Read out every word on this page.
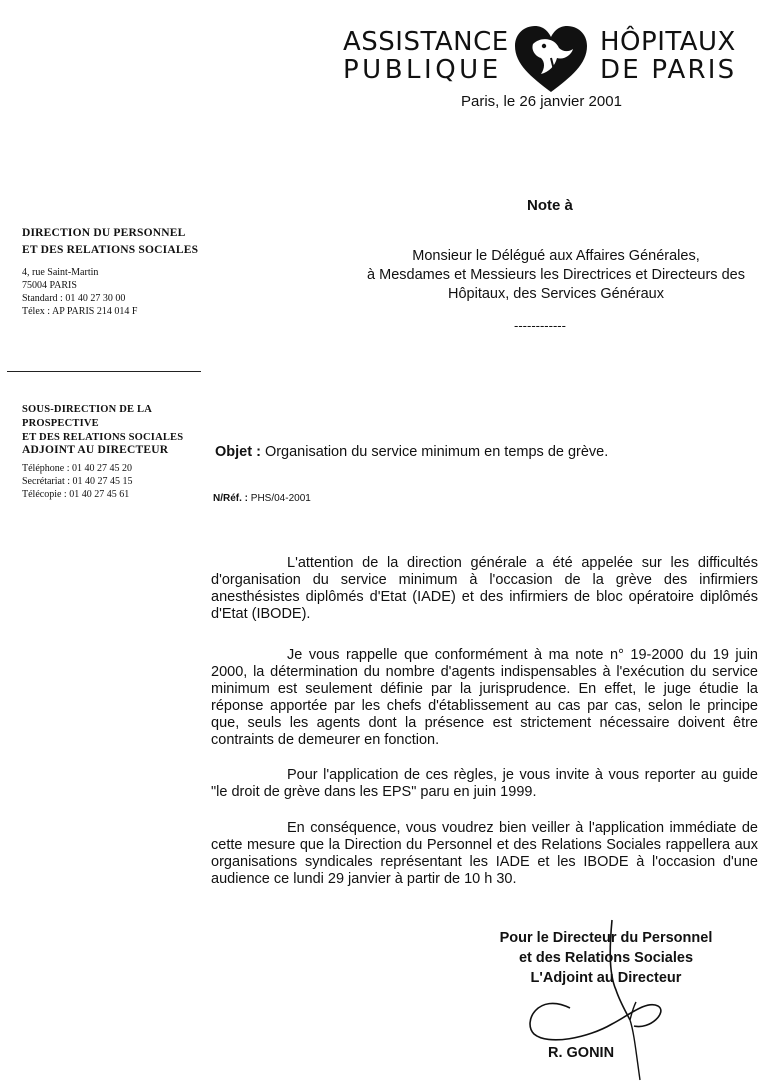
ASSISTANCE
PUBLIQUE
HÔPITAUX
DE PARIS
Paris, le 26 janvier 2001
Note à
Monsieur le Délégué aux Affaires Générales,
à Mesdames et Messieurs les Directrices et Directeurs des
Hôpitaux, des Services Généraux
------------
DIRECTION DU PERSONNEL
ET DES RELATIONS SOCIALES
4, rue Saint-Martin
75004 PARIS
Standard : 01 40 27 30 00
Télex : AP PARIS 214 014 F
SOUS-DIRECTION DE LA PROSPECTIVE
ET DES RELATIONS SOCIALES
ADJOINT AU DIRECTEUR
Téléphone : 01 40 27 45 20
Secrétariat : 01 40 27 45 15
Télécopie : 01 40 27 45 61
Objet : Organisation du service minimum en temps de grève.
N/Réf. : PHS/04-2001

L'attention de la direction générale a été appelée sur les difficultés d'organisation du service minimum à l'occasion de la grève des infirmiers anesthésistes diplômés d'Etat (IADE) et des infirmiers de bloc opératoire diplômés d'Etat (IBODE).

Je vous rappelle que conformément à ma note n° 19-2000 du 19 juin 2000, la détermination du nombre d'agents indispensables à l'exécution du service minimum est seulement définie par la jurisprudence. En effet, le juge étudie la réponse apportée par les chefs d'établissement au cas par cas, selon le principe que, seuls les agents dont la présence est strictement nécessaire doivent être contraints de demeurer en fonction.

Pour l'application de ces règles, je vous invite à vous reporter au guide "le droit de grève dans les EPS" paru en juin 1999.

En conséquence, vous voudrez bien veiller à l'application immédiate de cette mesure que la Direction du Personnel et des Relations Sociales rappellera aux organisations syndicales représentant les IADE et les IBODE à l'occasion d'une audience ce lundi 29 janvier à partir de 10 h 30.

Pour le Directeur du Personnel
et des Relations Sociales
L'Adjoint au Directeur
R. GONIN
